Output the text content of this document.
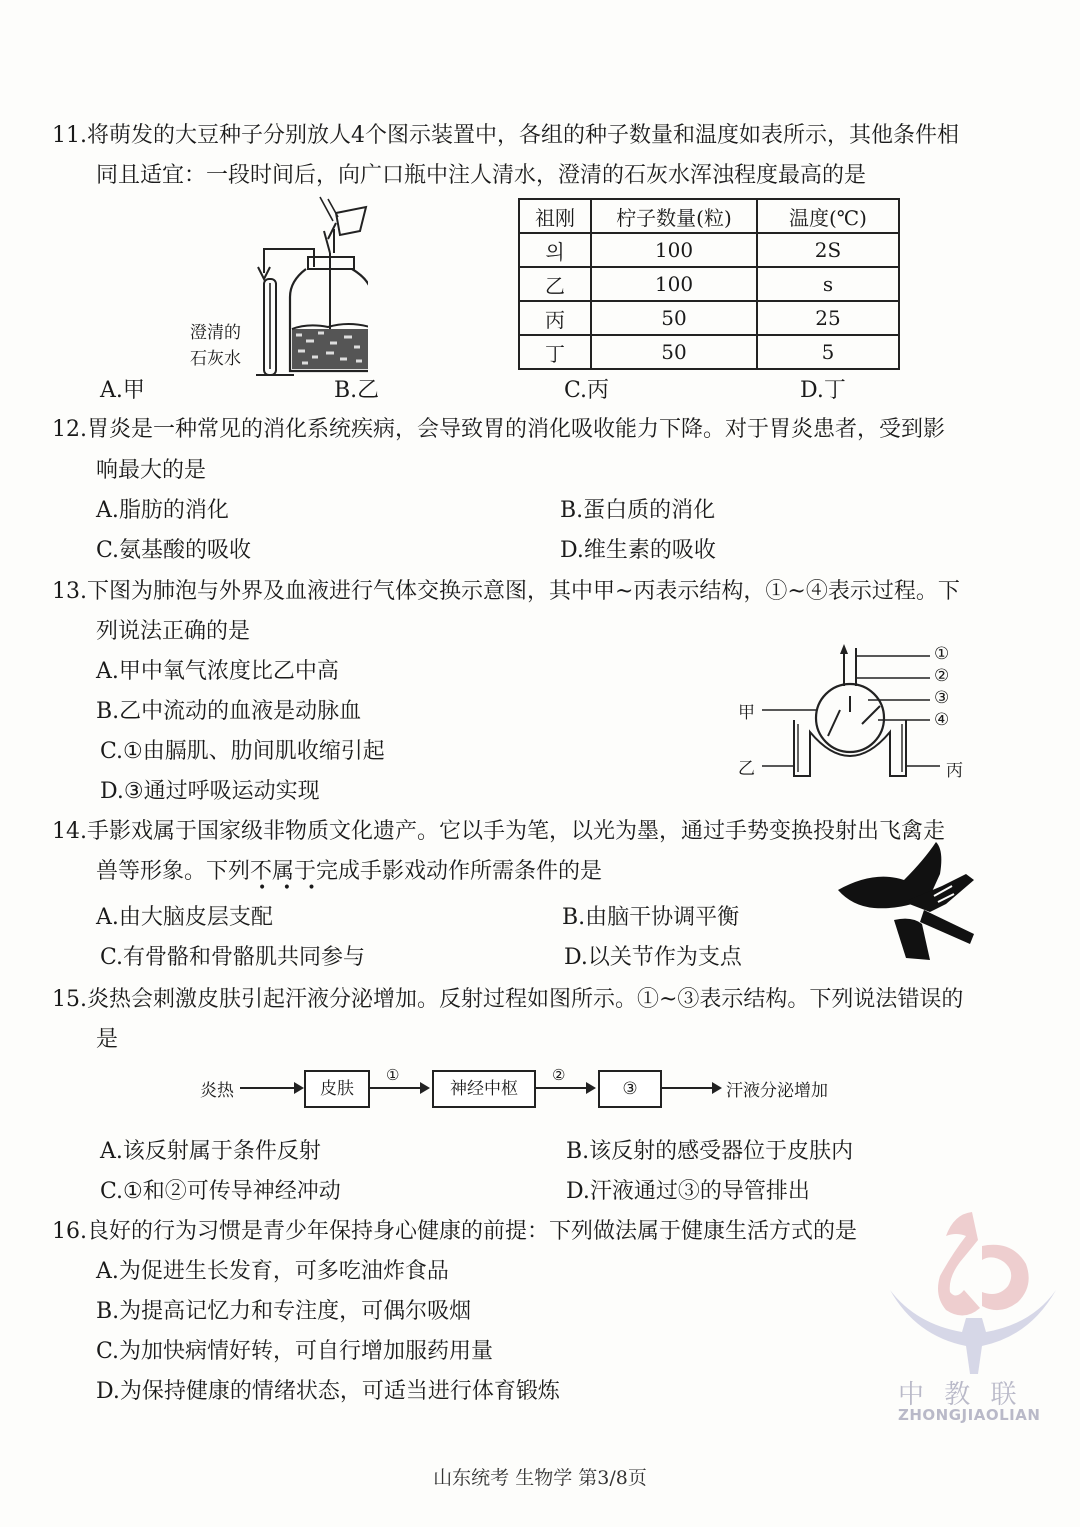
11.将萌发的大豆种子分别放人4个图示装置中，各组的种子数量和温度如表所示，其他条件相
同且适宜：一段时间后，向广口瓶中注人清水，澄清的石灰水浑浊程度最高的是
澄清的
石灰水
祖刚	柠子数量(粒)	温度(℃)
의	100	2S
乙	100	s
丙	50	25
丁	50	5
A.甲	B.乙	C.丙	D.丁
12.胃炎是一种常见的消化系统疾病，会导致胃的消化吸收能力下降。对于胃炎患者，受到影
响最大的是
A.脂肪的消化	B.蛋白质的消化
C.氨基酸的吸收	D.维生素的吸收
13.下图为肺泡与外界及血液进行气体交换示意图，其中甲~丙表示结构，①~④表示过程。下
列说法正确的是
A.甲中氧气浓度比乙中高
B.乙中流动的血液是动脉血
C.①由膈肌、肋间肌收缩引起
D.③通过呼吸运动实现
①
②
③
④
甲
乙	丙
14.手影戏属于国家级非物质文化遗产。它以手为笔，以光为墨，通过手势变换投射出飞禽走
兽等形象。下列不属于完成手影戏动作所需条件的是
• • •
A.由大脑皮层支配	B.由脑干协调平衡
C.有骨骼和骨骼肌共同参与	D.以关节作为支点
15.炎热会刺激皮肤引起汗液分泌增加。反射过程如图所示。①~③表示结构。下列说法错误的
是
炎热	皮肤
①
神经中枢
②
③	汗液分泌增加
A.该反射属于条件反射	B.该反射的感受器位于皮肤内
C.①和②可传导神经冲动	D.汗液通过③的导管排出
16.良好的行为习惯是青少年保持身心健康的前提：下列做法属于健康生活方式的是
A.为促进生长发育，可多吃油炸食品
B.为提高记忆力和专注度，可偶尔吸烟
C.为加快病情好转，可自行增加服药用量
D.为保持健康的情绪状态，可适当进行体育锻炼	中 教 联
ZHONGJIAOLIAN
山东统考 生物学 第3/8页
